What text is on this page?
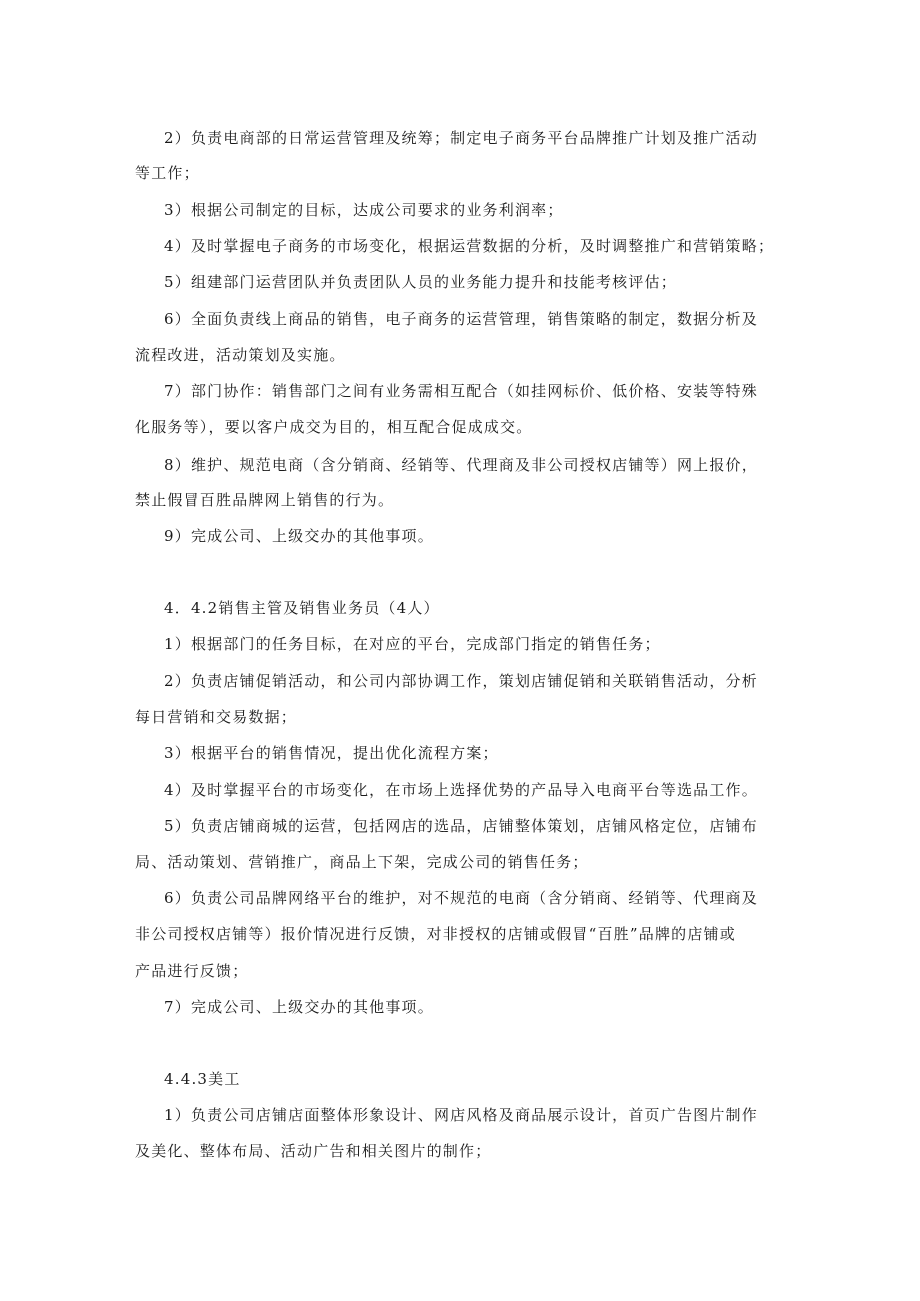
2）负责电商部的日常运营管理及统筹；制定电子商务平台品牌推广计划及推广活动
等工作；
3）根据公司制定的目标，达成公司要求的业务利润率；
4）及时掌握电子商务的市场变化，根据运营数据的分析，及时调整推广和营销策略；
5）组建部门运营团队并负责团队人员的业务能力提升和技能考核评估；
6）全面负责线上商品的销售，电子商务的运营管理，销售策略的制定，数据分析及
流程改进，活动策划及实施。
7）部门协作：销售部门之间有业务需相互配合（如挂网标价、低价格、安装等特殊
化服务等），要以客户成交为目的，相互配合促成成交。
8）维护、规范电商（含分销商、经销等、代理商及非公司授权店铺等）网上报价，
禁止假冒百胜品牌网上销售的行为。
9）完成公司、上级交办的其他事项。
4．4.2销售主管及销售业务员（4人）
1）根据部门的任务目标，在对应的平台，完成部门指定的销售任务；
2）负责店铺促销活动，和公司内部协调工作，策划店铺促销和关联销售活动，分析
每日营销和交易数据；
3）根据平台的销售情况，提出优化流程方案；
4）及时掌握平台的市场变化，在市场上选择优势的产品导入电商平台等选品工作。
5）负责店铺商城的运营，包括网店的选品，店铺整体策划，店铺风格定位，店铺布
局、活动策划、营销推广，商品上下架，完成公司的销售任务；
6）负责公司品牌网络平台的维护，对不规范的电商（含分销商、经销等、代理商及
非公司授权店铺等）报价情况进行反馈，对非授权的店铺或假冒“百胜”品牌的店铺或
产品进行反馈；
7）完成公司、上级交办的其他事项。
4.4.3美工
1）负责公司店铺店面整体形象设计、网店风格及商品展示设计，首页广告图片制作
及美化、整体布局、活动广告和相关图片的制作；
